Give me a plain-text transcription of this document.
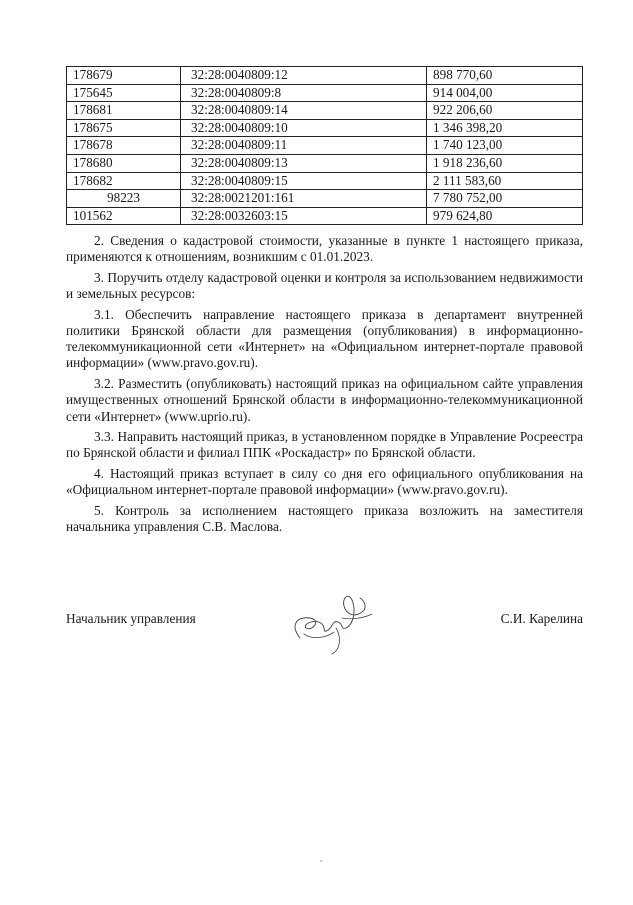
178679	32:28:0040809:12	898 770,60
175645	32:28:0040809:8	914 004,00
178681	32:28:0040809:14	922 206,60
178675	32:28:0040809:10	1 346 398,20
178678	32:28:0040809:11	1 740 123,00
178680	32:28:0040809:13	1 918 236,60
178682	32:28:0040809:15	2 111 583,60
98223	32:28:0021201:161	7 780 752,00
101562	32:28:0032603:15	979 624,80

2. Сведения о кадастровой стоимости, указанные в пункте 1 настоящего приказа, применяются к отношениям, возникшим с 01.01.2023.

3. Поручить отделу кадастровой оценки и контроля за использованием недвижимости и земельных ресурсов:

3.1. Обеспечить направление настоящего приказа в департамент внутренней политики Брянской области для размещения (опубликования) в информационно-телекоммуникационной сети «Интернет» на «Официальном интернет-портале правовой информации» (www.pravo.gov.ru).

3.2. Разместить (опубликовать) настоящий приказ на официальном сайте управления имущественных отношений Брянской области в информационно-телекоммуникационной сети «Интернет» (www.uprio.ru).

3.3. Направить настоящий приказ, в установленном порядке в Управление Росреестра по Брянской области и филиал ППК «Роскадастр» по Брянской области.

4. Настоящий приказ вступает в силу со дня его официального опубликования на «Официальном интернет-портале правовой информации» (www.pravo.gov.ru).

5. Контроль за исполнением настоящего приказа возложить на заместителя начальника управления С.В. Маслова.

Начальник управления	С.И. Карелина
